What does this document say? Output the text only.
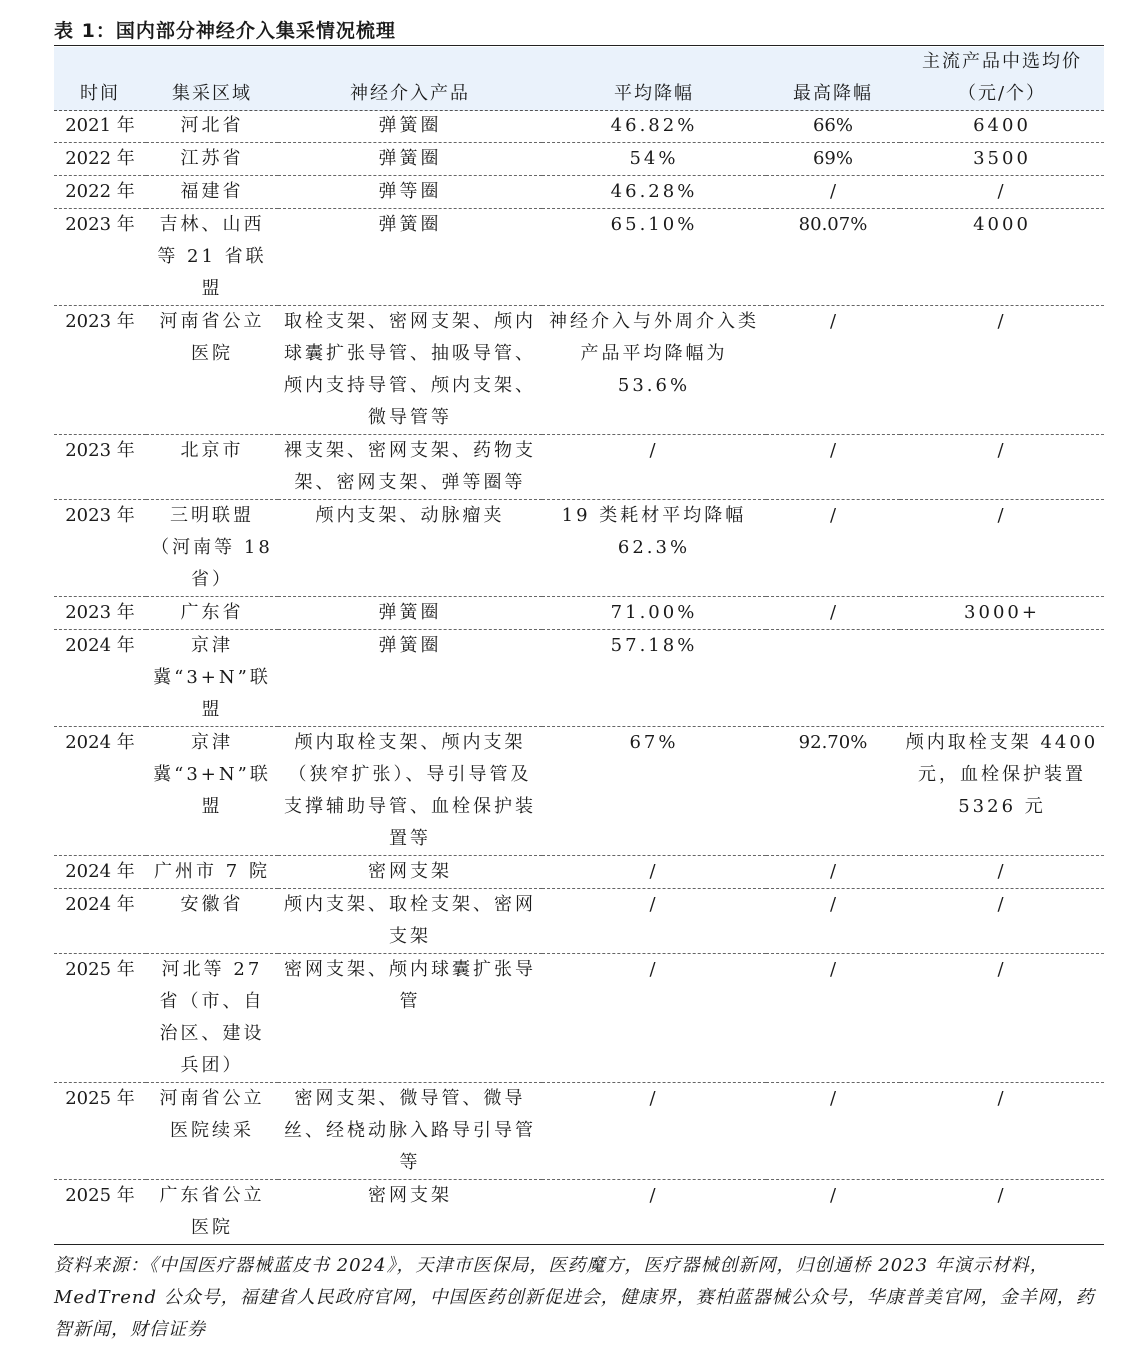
表 1：国内部分神经介入集采情况梳理
时间	集采区域	神经介入产品	平均降幅	最高降幅	主流产品中选均价
（元/个）

2021 年	河北省	弹簧圈	46.82%	66%	6400
2022 年	江苏省	弹簧圈	54%	69%	3500
2022 年	福建省	弹等圈	46.28%	/	/
2023 年	吉林、山西等 21 省联盟	弹簧圈	65.10%	80.07%	4000
2023 年	河南省公立医院	取栓支架、密网支架、颅内球囊扩张导管、抽吸导管、颅内支持导管、颅内支架、微导管等	神经介入与外周介入类产品平均降幅为 53.6%	/	/
2023 年	北京市	裸支架、密网支架、药物支架、密网支架、弹等圈等	/	/	/
2023 年	三明联盟（河南等 18 省）	颅内支架、动脉瘤夹	19 类耗材平均降幅 62.3%	/	/
2023 年	广东省	弹簧圈	71.00%	/	3000+
2024 年	京津冀“3+N”联盟	弹簧圈	57.18%		
2024 年	京津冀“3+N”联盟	颅内取栓支架、颅内支架（狭窄扩张）、导引导管及支撑辅助导管、血栓保护装置等	67%	92.70%	颅内取栓支架 4400 元，血栓保护装置 5326 元
2024 年	广州市 7 院	密网支架	/	/	/
2024 年	安徽省	颅内支架、取栓支架、密网支架	/	/	/
2025 年	河北等 27 省（市、自治区、建设兵团）	密网支架、颅内球囊扩张导管	/	/	/
2025 年	河南省公立医院续采	密网支架、微导管、微导丝、经桡动脉入路导引导管等	/	/	/
2025 年	广东省公立医院	密网支架	/	/	/
资料来源：《中国医疗器械蓝皮书 2024》，天津市医保局，医药魔方，医疗器械创新网，归创通桥 2023 年演示材料，MedTrend 公众号，福建省人民政府官网，中国医药创新促进会，健康界，赛柏蓝器械公众号，华康普美官网，金羊网，药智新闻，财信证券
